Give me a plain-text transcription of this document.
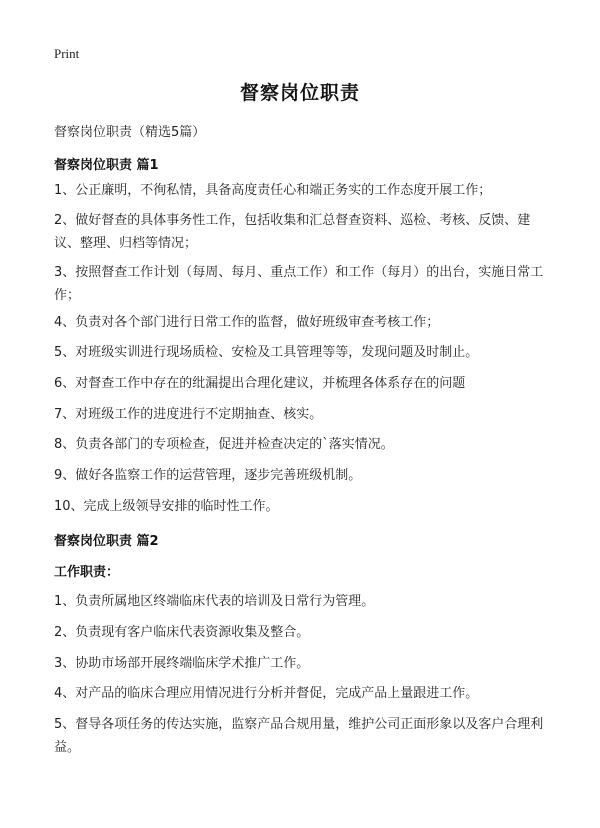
Print
督察岗位职责
督察岗位职责（精选5篇）
督察岗位职责 篇1
1、公正廉明，不徇私情，具备高度责任心和端正务实的工作态度开展工作；
2、做好督查的具体事务性工作，包括收集和汇总督查资料、巡检、考核、反馈、建议、整理、归档等情况；
3、按照督查工作计划（每周、每月、重点工作）和工作（每月）的出台，实施日常工作；
4、负责对各个部门进行日常工作的监督，做好班级审查考核工作；
5、对班级实训进行现场质检、安检及工具管理等等，发现问题及时制止。
6、对督查工作中存在的纰漏提出合理化建议，并梳理各体系存在的问题
7、对班级工作的进度进行不定期抽查、核实。
8、负责各部门的专项检查，促进并检查决定的`落实情况。
9、做好各监察工作的运营管理，逐步完善班级机制。
10、完成上级领导安排的临时性工作。
督察岗位职责 篇2
工作职责：
1、负责所属地区终端临床代表的培训及日常行为管理。
2、负责现有客户临床代表资源收集及整合。
3、协助市场部开展终端临床学术推广工作。
4、对产品的临床合理应用情况进行分析并督促，完成产品上量跟进工作。
5、督导各项任务的传达实施，监察产品合规用量，维护公司正面形象以及客户合理利益。
